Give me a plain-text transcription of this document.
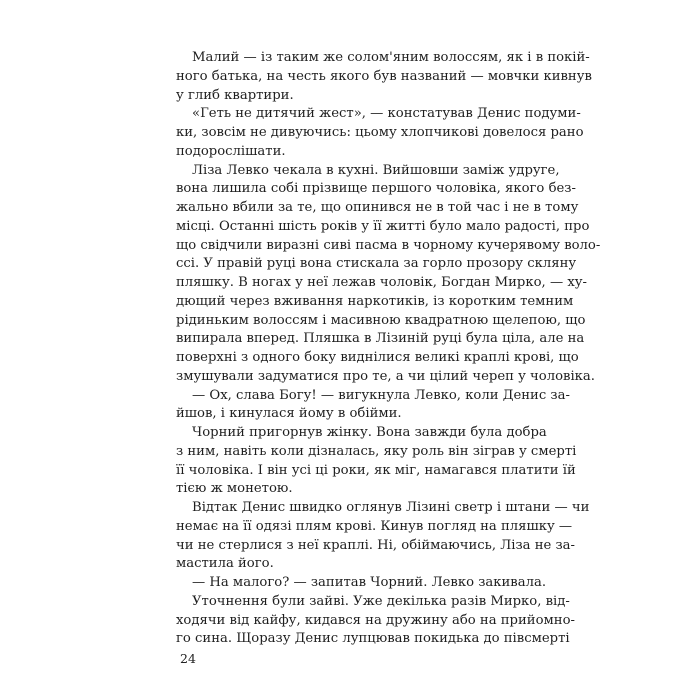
Малий — із таким же солом'яним волоссям, як і в покій-
ного батька, на честь якого був названий — мовчки кивнув
у глиб квартири.
«Геть не дитячий жест», — констатував Денис подуми-
ки, зовсім не дивуючись: цьому хлопчикові довелося рано
подорослішати.
Ліза Левко чекала в кухні. Вийшовши заміж удруге,
вона лишила собі прізвище першого чоловіка, якого без-
жально вбили за те, що опинився не в той час і не в тому
місці. Останні шість років у її житті було мало радості, про
що свідчили виразні сиві пасма в чорному кучерявому воло-
ссі. У правій руці вона стискала за горло прозору скляну
пляшку. В ногах у неї лежав чоловік, Богдан Мирко, — ху-
дющий через вживання наркотиків, із коротким темним
рідиньким волоссям і масивною квадратною щелепою, що
випирала вперед. Пляшка в Лізиній руці була ціла, але на
поверхні з одного боку виднілися великі краплі крові, що
змушували задуматися про те, а чи цілий череп у чоловіка.
— Ох, слава Богу! — вигукнула Левко, коли Денис за-
йшов, і кинулася йому в обійми.
Чорний пригорнув жінку. Вона завжди була добра
з ним, навіть коли дізналась, яку роль він зіграв у смерті
її чоловіка. І він усі ці роки, як міг, намагався платити їй
тією ж монетою.
Відтак Денис швидко оглянув Лізині светр і штани — чи
немає на її одязі плям крові. Кинув погляд на пляшку —
чи не стерлися з неї краплі. Ні, обіймаючись, Ліза не за-
мастила його.
— На малого? — запитав Чорний. Левко закивала.
Уточнення були зайві. Уже декілька разів Мирко, від-
ходячи від кайфу, кидався на дружину або на прийомно-
го сина. Щоразу Денис лупцював покидька до півсмерті
24
